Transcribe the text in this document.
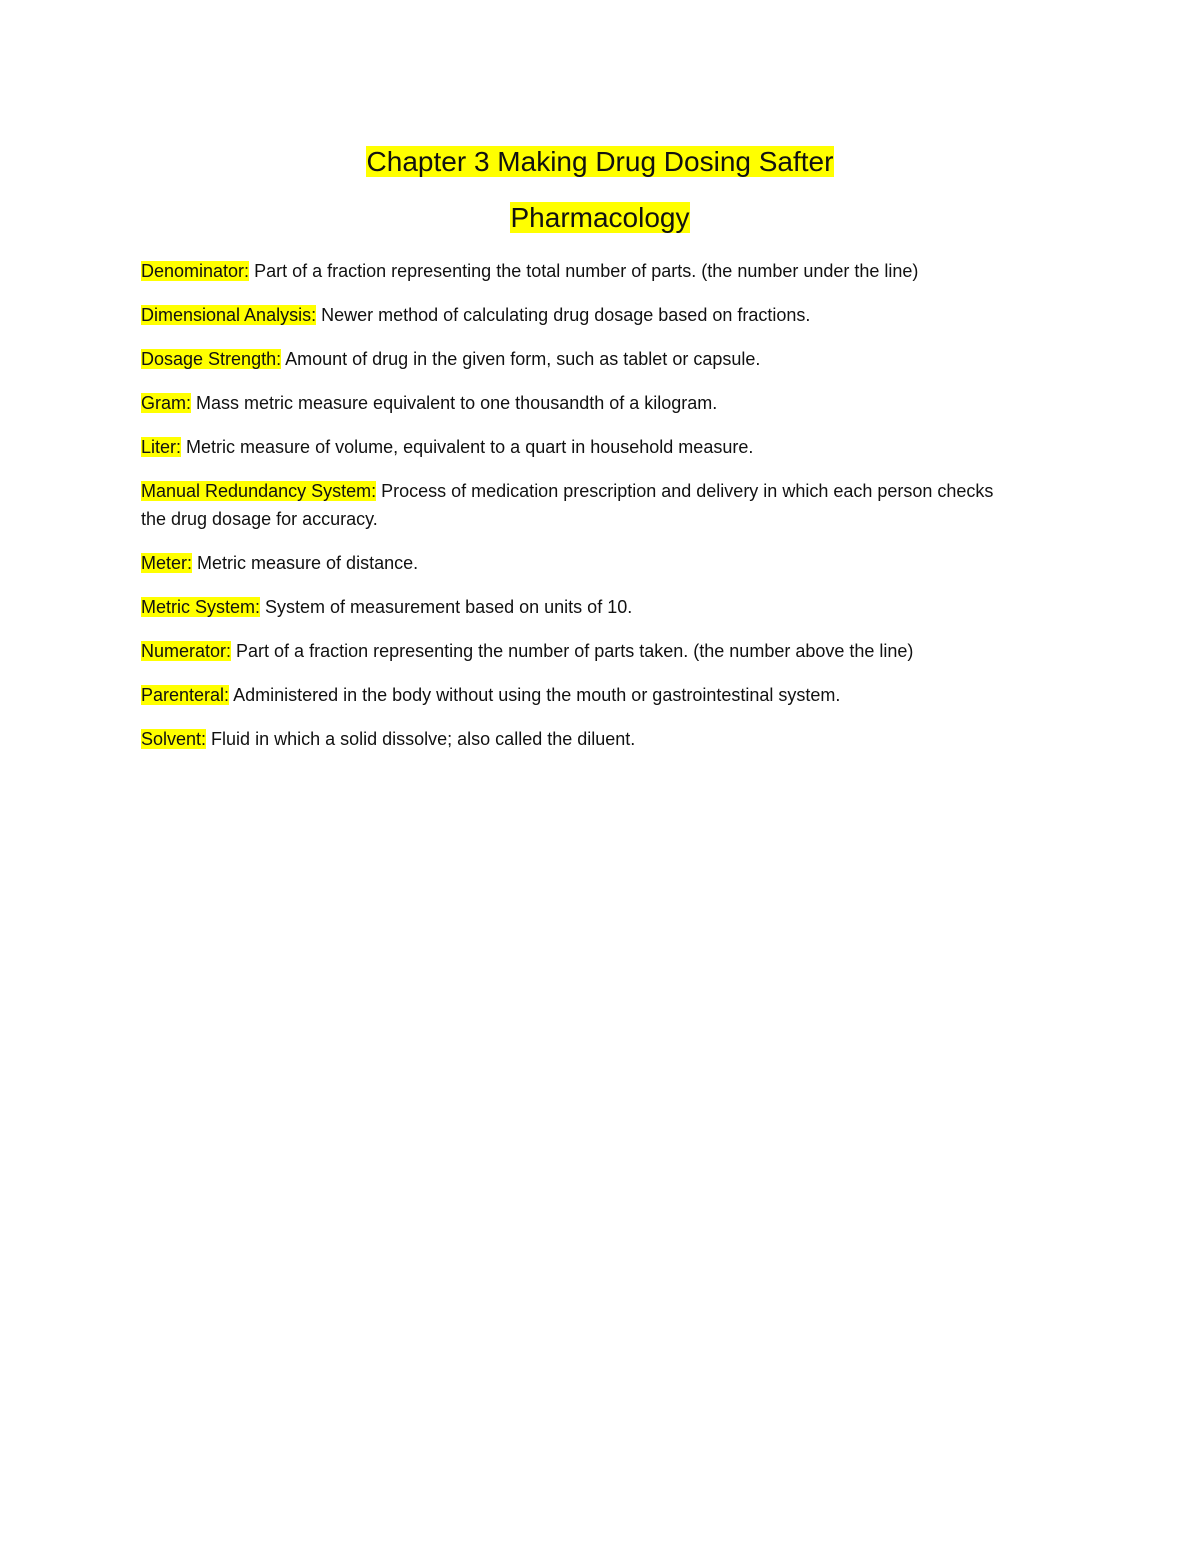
Chapter 3 Making Drug Dosing Safter
Pharmacology
Denominator: Part of a fraction representing the total number of parts. (the number under the line)
Dimensional Analysis: Newer method of calculating drug dosage based on fractions.
Dosage Strength: Amount of drug in the given form, such as tablet or capsule.
Gram: Mass metric measure equivalent to one thousandth of a kilogram.
Liter: Metric measure of volume, equivalent to a quart in household measure.
Manual Redundancy System: Process of medication prescription and delivery in which each person checks the drug dosage for accuracy.
Meter: Metric measure of distance.
Metric System: System of measurement based on units of 10.
Numerator: Part of a fraction representing the number of parts taken. (the number above the line)
Parenteral: Administered in the body without using the mouth or gastrointestinal system.
Solvent: Fluid in which a solid dissolve; also called the diluent.
